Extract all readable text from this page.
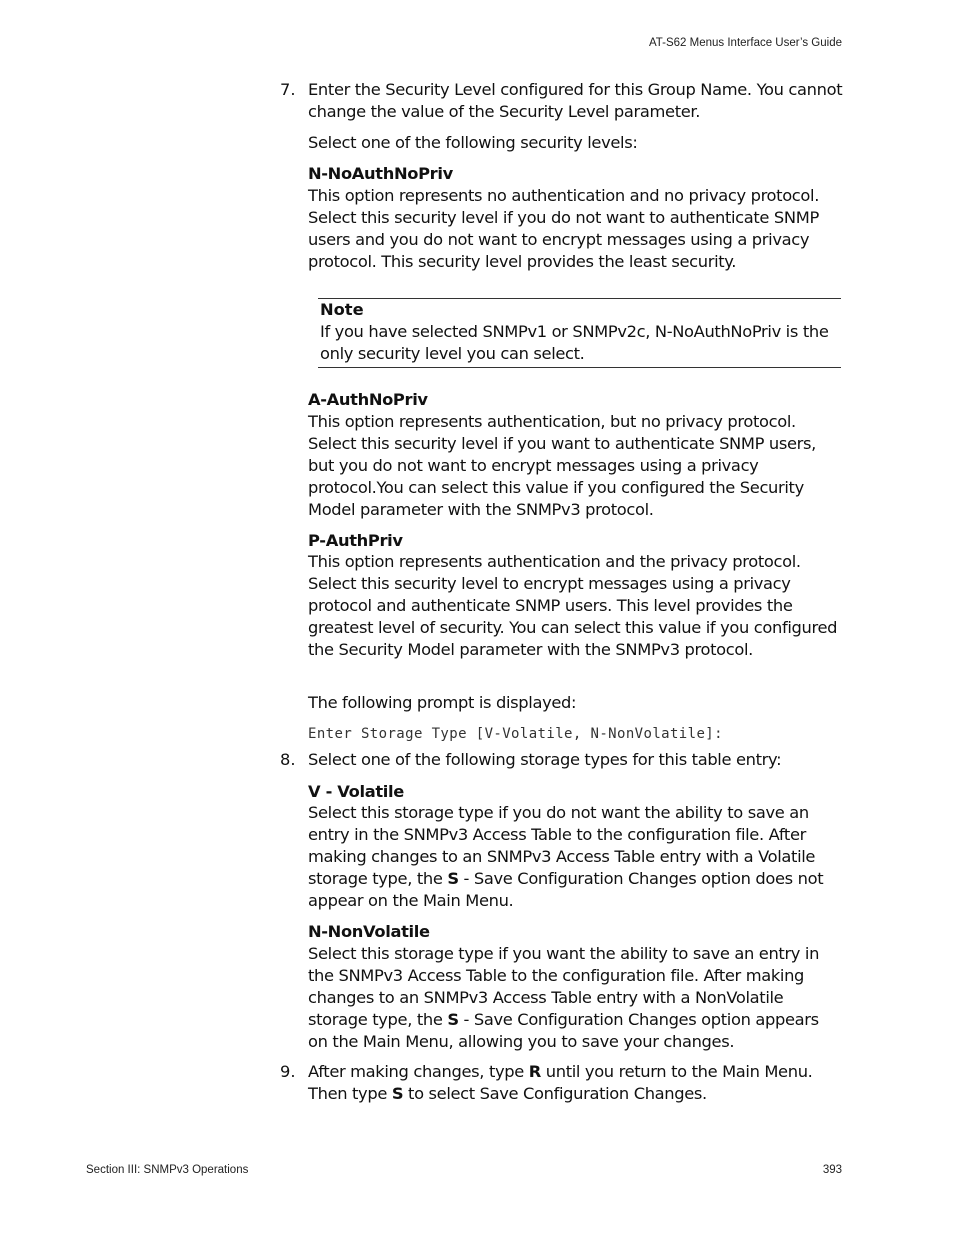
AT-S62 Menus Interface User’s Guide
7. Enter the Security Level configured for this Group Name. You cannot change the value of the Security Level parameter.

Select one of the following security levels:

N-NoAuthNoPriv

This option represents no authentication and no privacy protocol. Select this security level if you do not want to authenticate SNMP users and you do not want to encrypt messages using a privacy protocol. This security level provides the least security.

Note
If you have selected SNMPv1 or SNMPv2c, N-NoAuthNoPriv is the only security level you can select.

A-AuthNoPriv

This option represents authentication, but no privacy protocol. Select this security level if you want to authenticate SNMP users, but you do not want to encrypt messages using a privacy protocol.You can select this value if you configured the Security Model parameter with the SNMPv3 protocol.

P-AuthPriv

This option represents authentication and the privacy protocol. Select this security level to encrypt messages using a privacy protocol and authenticate SNMP users. This level provides the greatest level of security. You can select this value if you configured the Security Model parameter with the SNMPv3 protocol.

The following prompt is displayed:

Enter Storage Type [V-Volatile, N-NonVolatile]:
8. Select one of the following storage types for this table entry:

V - Volatile

Select this storage type if you do not want the ability to save an entry in the SNMPv3 Access Table to the configuration file. After making changes to an SNMPv3 Access Table entry with a Volatile storage type, the S - Save Configuration Changes option does not appear on the Main Menu.

N-NonVolatile

Select this storage type if you want the ability to save an entry in the SNMPv3 Access Table to the configuration file. After making changes to an SNMPv3 Access Table entry with a NonVolatile storage type, the S - Save Configuration Changes option appears on the Main Menu, allowing you to save your changes.

9. After making changes, type R until you return to the Main Menu. Then type S to select Save Configuration Changes.

Section III: SNMPv3 Operations	393
